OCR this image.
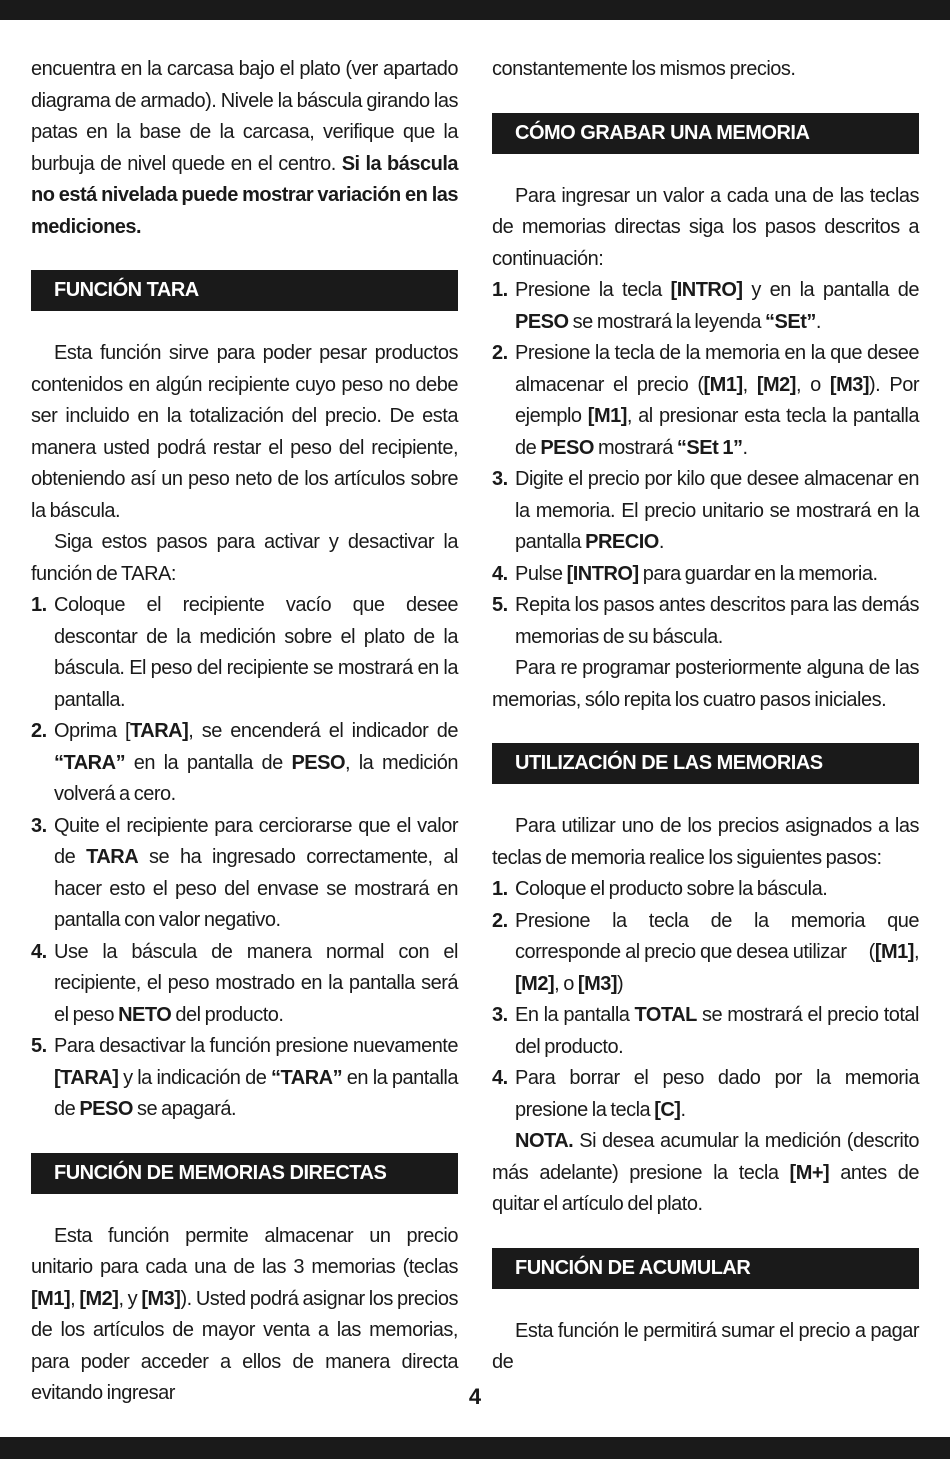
encuentra en la carcasa bajo el plato (ver apartado diagrama de armado). Nivele la báscula girando las patas en la base de la carcasa, verifique que la burbuja de nivel quede en el centro. Si la báscula no está nivelada puede mostrar variación en las mediciones.

FUNCIÓN TARA

Esta función sirve para poder pesar productos contenidos en algún recipiente cuyo peso no debe ser incluido en la totalización del precio. De esta manera usted podrá restar el peso del recipiente, obteniendo así un peso neto de los artículos sobre la báscula.

Siga estos pasos para activar y desactivar la función de TARA:

1. Coloque el recipiente vacío que desee descontar de la medición sobre el plato de la báscula. El peso del recipiente se mostrará en la pantalla.
2. Oprima [TARA], se encenderá el indicador de “TARA” en la pantalla de PESO, la medición volverá a cero.
3. Quite el recipiente para cerciorarse que el valor de TARA se ha ingresado correctamente, al hacer esto el peso del envase se mostrará en pantalla con valor negativo.
4. Use la báscula de manera normal con el recipiente, el peso mostrado en la pantalla será el peso NETO del producto.
5. Para desactivar la función presione nuevamente [TARA] y la indicación de “TARA” en la pantalla de PESO se apagará.
FUNCIÓN DE MEMORIAS DIRECTAS

Esta función permite almacenar un precio unitario para cada una de las 3 memorias (teclas [M1], [M2], y [M3]). Usted podrá asignar los precios de los artículos de mayor venta a las memorias, para poder acceder a ellos de manera directa evitando ingresar

constantemente los mismos precios.

CÓMO GRABAR UNA MEMORIA

Para ingresar un valor a cada una de las teclas de memorias directas siga los pasos descritos a continuación:

1. Presione la tecla [INTRO] y en la pantalla de PESO se mostrará la leyenda “SEt”.
2. Presione la tecla de la memoria en la que desee almacenar el precio ([M1], [M2], o [M3]). Por ejemplo [M1], al presionar esta tecla la pantalla de PESO mostrará “SEt 1”.
3. Digite el precio por kilo que desee almacenar en la memoria. El precio unitario se mostrará en la pantalla PRECIO.
4. Pulse [INTRO] para guardar en la memoria.
5. Repita los pasos antes descritos para las demás memorias de su báscula.

Para re programar posteriormente alguna de las memorias, sólo repita los cuatro pasos iniciales.

UTILIZACIÓN DE LAS MEMORIAS

Para utilizar uno de los precios asignados a las teclas de memoria realice los siguientes pasos:

1. Coloque el producto sobre la báscula.
2. Presione la tecla de la memoria que corresponde al precio que desea utilizar     ([M1], [M2], o [M3])
3. En la pantalla TOTAL se mostrará el precio total del producto.
4. Para borrar el peso dado por la memoria presione la tecla [C].

NOTA. Si desea acumular la medición (descrito más adelante) presione la tecla [M+] antes de quitar el artículo del plato.

FUNCIÓN DE ACUMULAR

Esta función le permitirá sumar el precio a pagar de

4
